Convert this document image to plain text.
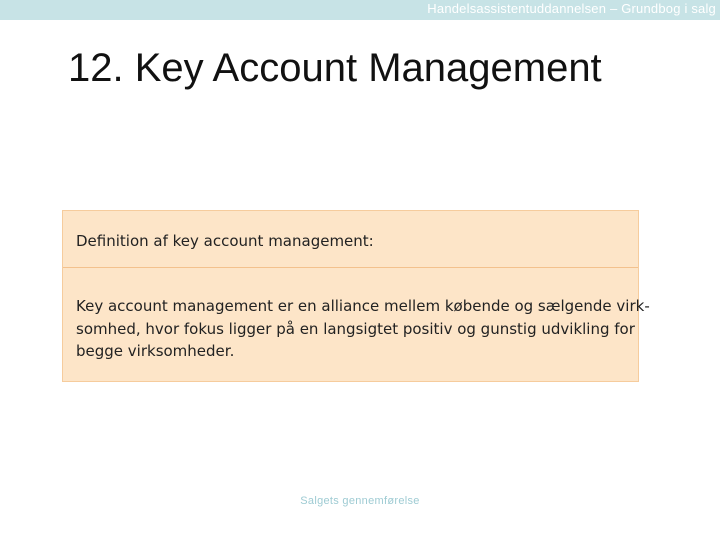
Handelsassistentuddannelsen – Grundbog i salg
12. Key Account Management
Definition af key account management:
Key account management er en alliance mellem købende og sælgende virk-
somhed, hvor fokus ligger på en langsigtet positiv og gunstig udvikling for
begge virksomheder.
Salgets gennemførelse
